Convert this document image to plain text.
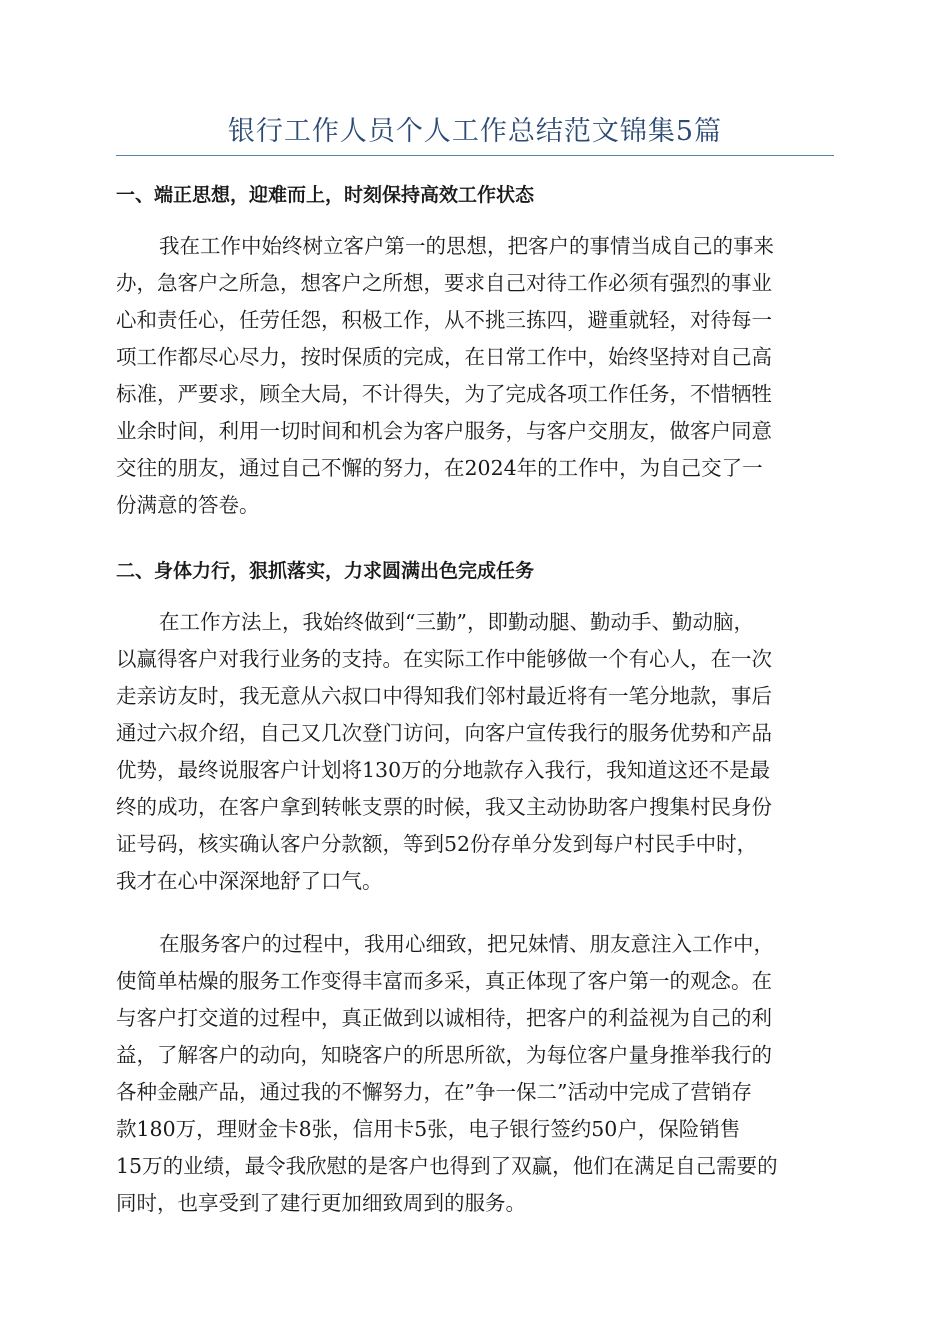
银行工作人员个人工作总结范文锦集5篇
一、端正思想，迎难而上，时刻保持高效工作状态
我在工作中始终树立客户第一的思想，把客户的事情当成自己的事来
办，急客户之所急，想客户之所想，要求自己对待工作必须有强烈的事业
心和责任心，任劳任怨，积极工作，从不挑三拣四，避重就轻，对待每一
项工作都尽心尽力，按时保质的完成，在日常工作中，始终坚持对自己高
标准，严要求，顾全大局，不计得失，为了完成各项工作任务，不惜牺牲
业余时间，利用一切时间和机会为客户服务，与客户交朋友，做客户同意
交往的朋友，通过自己不懈的努力，在2024年的工作中，为自己交了一
份满意的答卷。
二、身体力行，狠抓落实，力求圆满出色完成任务
在工作方法上，我始终做到“三勤”，即勤动腿、勤动手、勤动脑，
以赢得客户对我行业务的支持。在实际工作中能够做一个有心人，在一次
走亲访友时，我无意从六叔口中得知我们邻村最近将有一笔分地款，事后
通过六叔介绍，自己又几次登门访问，向客户宣传我行的服务优势和产品
优势，最终说服客户计划将130万的分地款存入我行，我知道这还不是最
终的成功，在客户拿到转帐支票的时候，我又主动协助客户搜集村民身份
证号码，核实确认客户分款额，等到52份存单分发到每户村民手中时，
我才在心中深深地舒了口气。
在服务客户的过程中，我用心细致，把兄妹情、朋友意注入工作中，
使简单枯燥的服务工作变得丰富而多采，真正体现了客户第一的观念。在
与客户打交道的过程中，真正做到以诚相待，把客户的利益视为自己的利
益，了解客户的动向，知晓客户的所思所欲，为每位客户量身推举我行的
各种金融产品，通过我的不懈努力，在”争一保二”活动中完成了营销存
款180万，理财金卡8张，信用卡5张，电子银行签约50户，保险销售
15万的业绩，最令我欣慰的是客户也得到了双赢，他们在满足自己需要的
同时，也享受到了建行更加细致周到的服务。
